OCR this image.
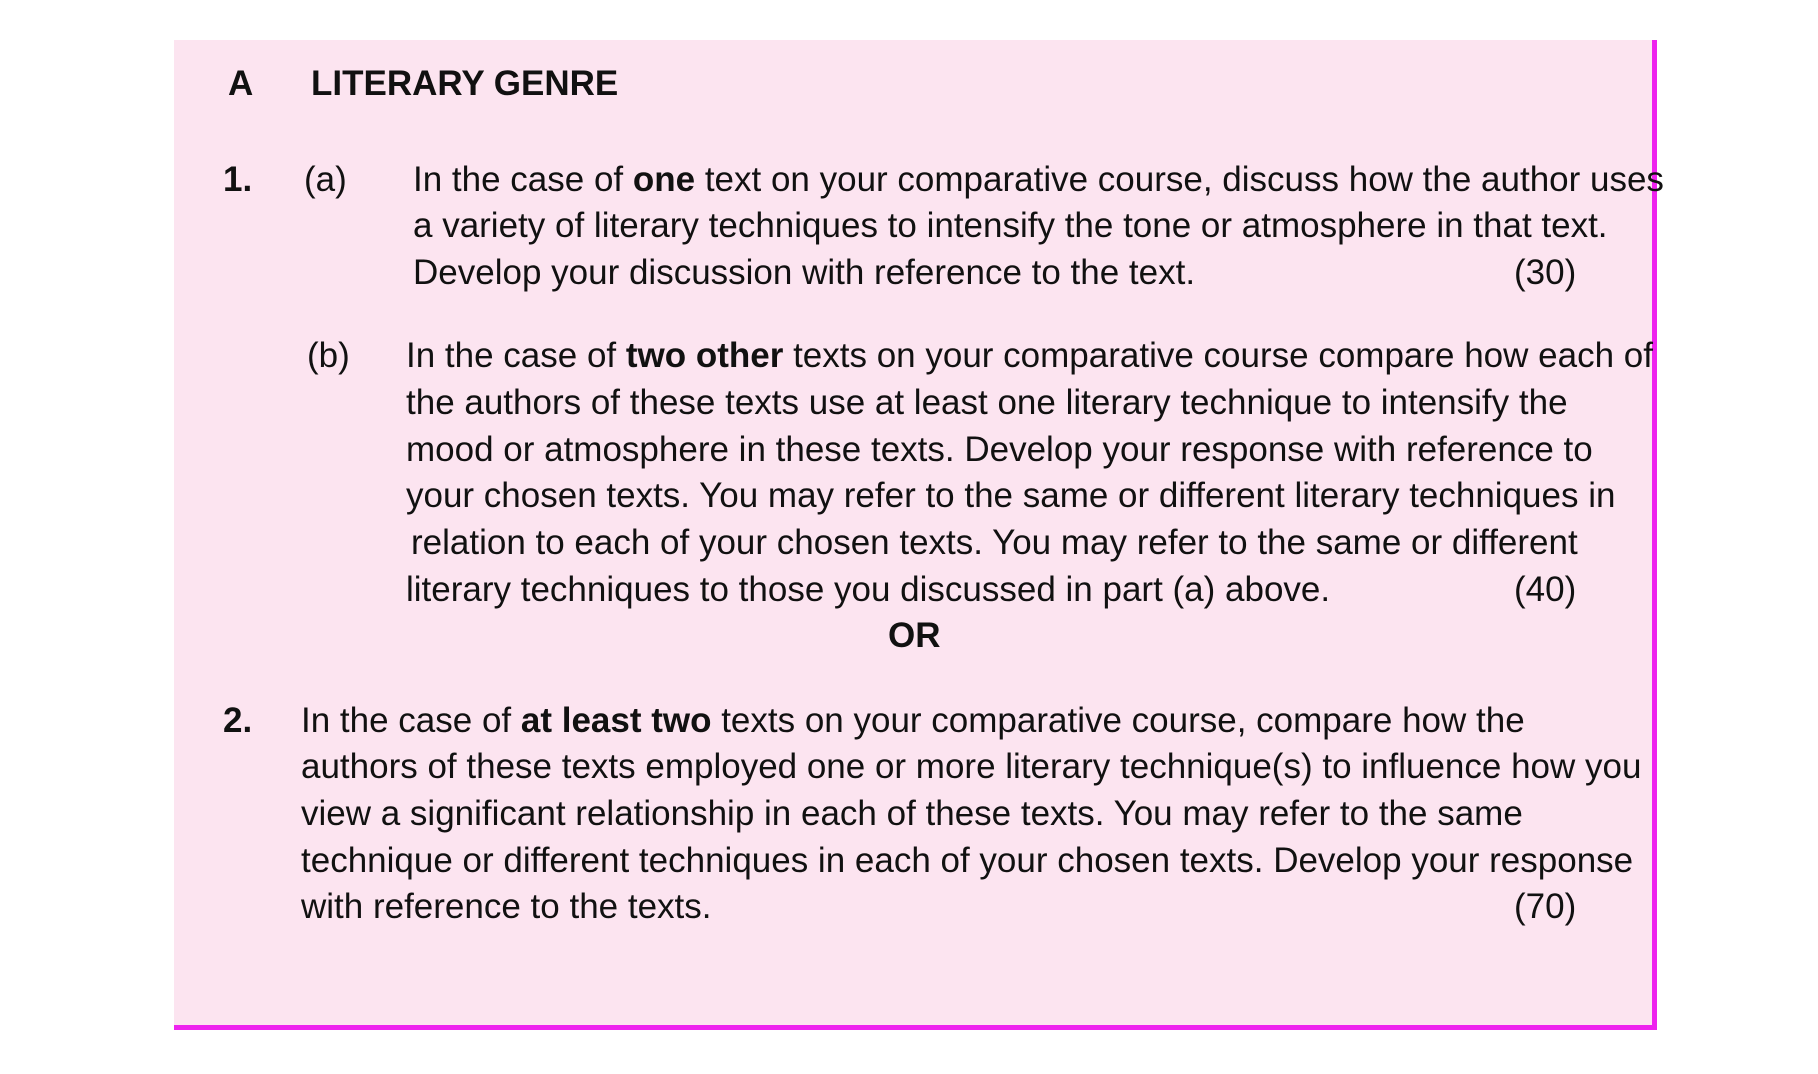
A LITERARY GENRE
1. (a) In the case of one text on your comparative course, discuss how the author uses
a variety of literary techniques to intensify the tone or atmosphere in that text.
Develop your discussion with reference to the text.	(30)
(b) In the case of two other texts on your comparative course compare how each of
the authors of these texts use at least one literary technique to intensify the
mood or atmosphere in these texts. Develop your response with reference to
your chosen texts. You may refer to the same or different literary techniques in
relation to each of your chosen texts. You may refer to the same or different
literary techniques to those you discussed in part (a) above.	(40)
OR
2. In the case of at least two texts on your comparative course, compare how the
authors of these texts employed one or more literary technique(s) to influence how you
view a significant relationship in each of these texts. You may refer to the same
technique or different techniques in each of your chosen texts. Develop your response
with reference to the texts.	(70)
